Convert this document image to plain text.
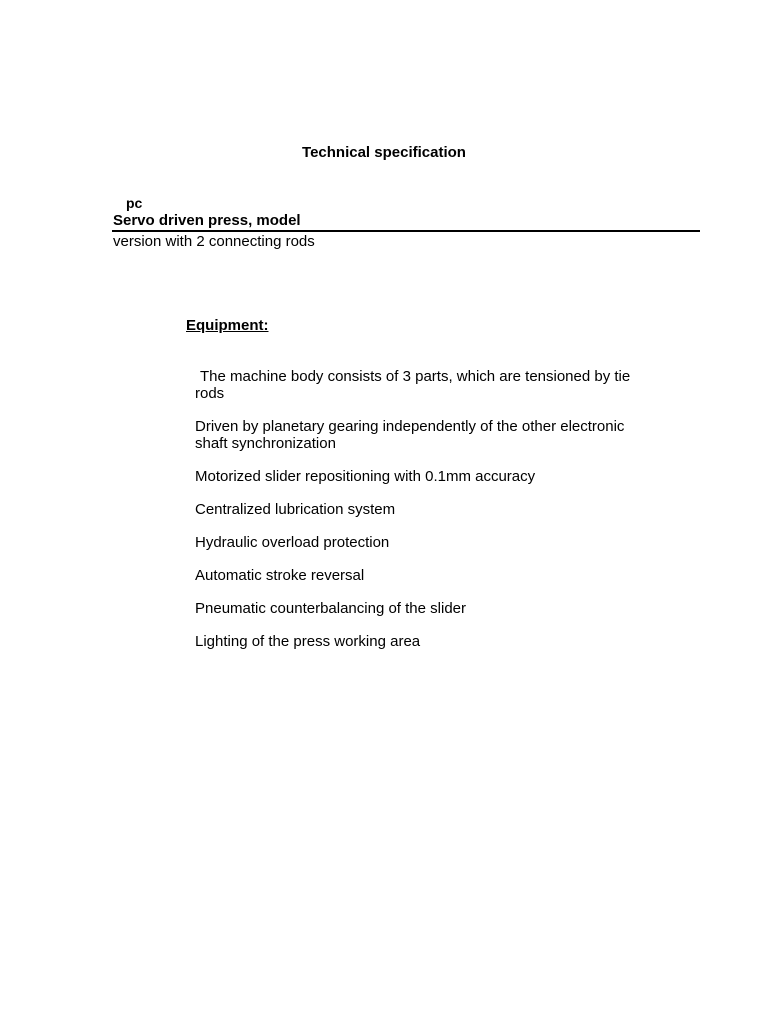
Technical specification
pc
Servo driven press, model
version with 2 connecting rods
Equipment:
The machine body consists of 3 parts, which are tensioned by tie rods
Driven by planetary gearing independently of the other electronic shaft synchronization
Motorized slider repositioning with 0.1mm accuracy
Centralized lubrication system
Hydraulic overload protection
Automatic stroke reversal
Pneumatic counterbalancing of the slider
Lighting of the press working area
